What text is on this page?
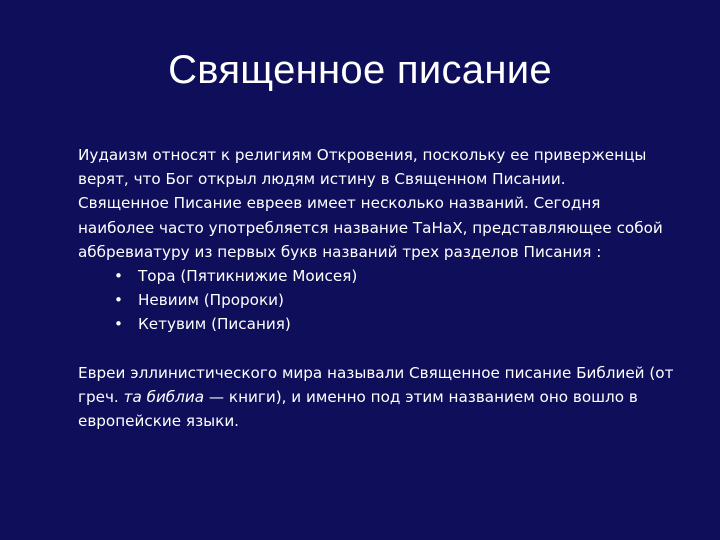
Священное писание

Иудаизм относят к религиям Откровения, поскольку ее приверженцы верят, что Бог открыл людям истину в Священном Писании.

Священное Писание евреев имеет несколько названий. Сегодня наиболее часто употребляется название ТаНаХ, представляющее собой аббревиатуру из первых букв названий трех разделов Писания :

• Тора (Пятикнижие Моисея)
• Невиим (Пророки)
• Кетувим (Писания)

Евреи эллинистического мира называли Священное писание Библией (от греч. та библиа — книги), и именно под этим названием оно вошло в европейские языки.
